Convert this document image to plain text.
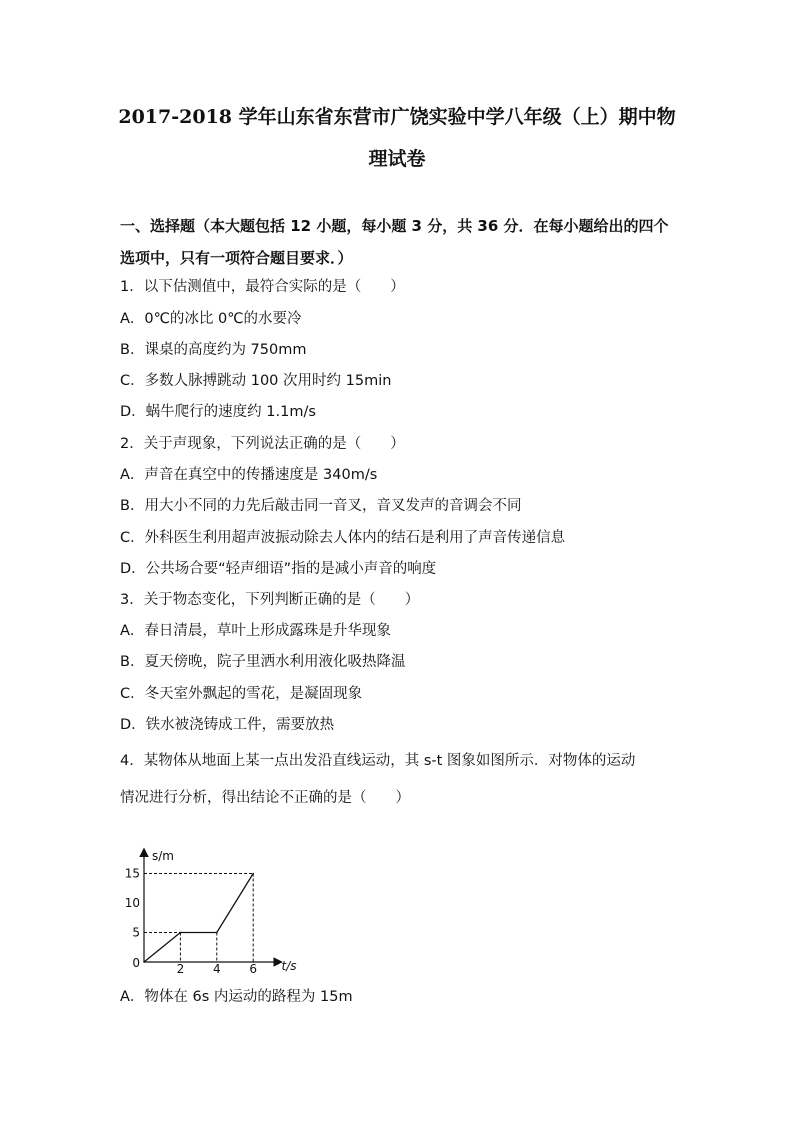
2017-2018 学年山东省东营市广饶实验中学八年级（上）期中物
理试卷
一、选择题（本大题包括 12 小题，每小题 3 分，共 36 分．在每小题给出的四个选项中，只有一项符合题目要求．）
1．以下估测值中，最符合实际的是（　　）
A．0℃的冰比 0℃的水要冷
B．课桌的高度约为 750mm
C．多数人脉搏跳动 100 次用时约 15min
D．蜗牛爬行的速度约 1.1m/s
2．关于声现象，下列说法正确的是（　　）
A．声音在真空中的传播速度是 340m/s
B．用大小不同的力先后敲击同一音叉，音叉发声的音调会不同
C．外科医生利用超声波振动除去人体内的结石是利用了声音传递信息
D．公共场合要“轻声细语”指的是减小声音的响度
3．关于物态变化，下列判断正确的是（　　）
A．春日清晨，草叶上形成露珠是升华现象
B．夏天傍晚，院子里洒水利用液化吸热降温
C．冬天室外飘起的雪花，是凝固现象
D．铁水被浇铸成工件，需要放热
4．某物体从地面上某一点出发沿直线运动，其 s-t 图象如图所示．对物体的运动
情况进行分析，得出结论不正确的是（　　）
2 4 6
5
10
15
0
s/m
t/s
A．物体在 6s 内运动的路程为 15m
